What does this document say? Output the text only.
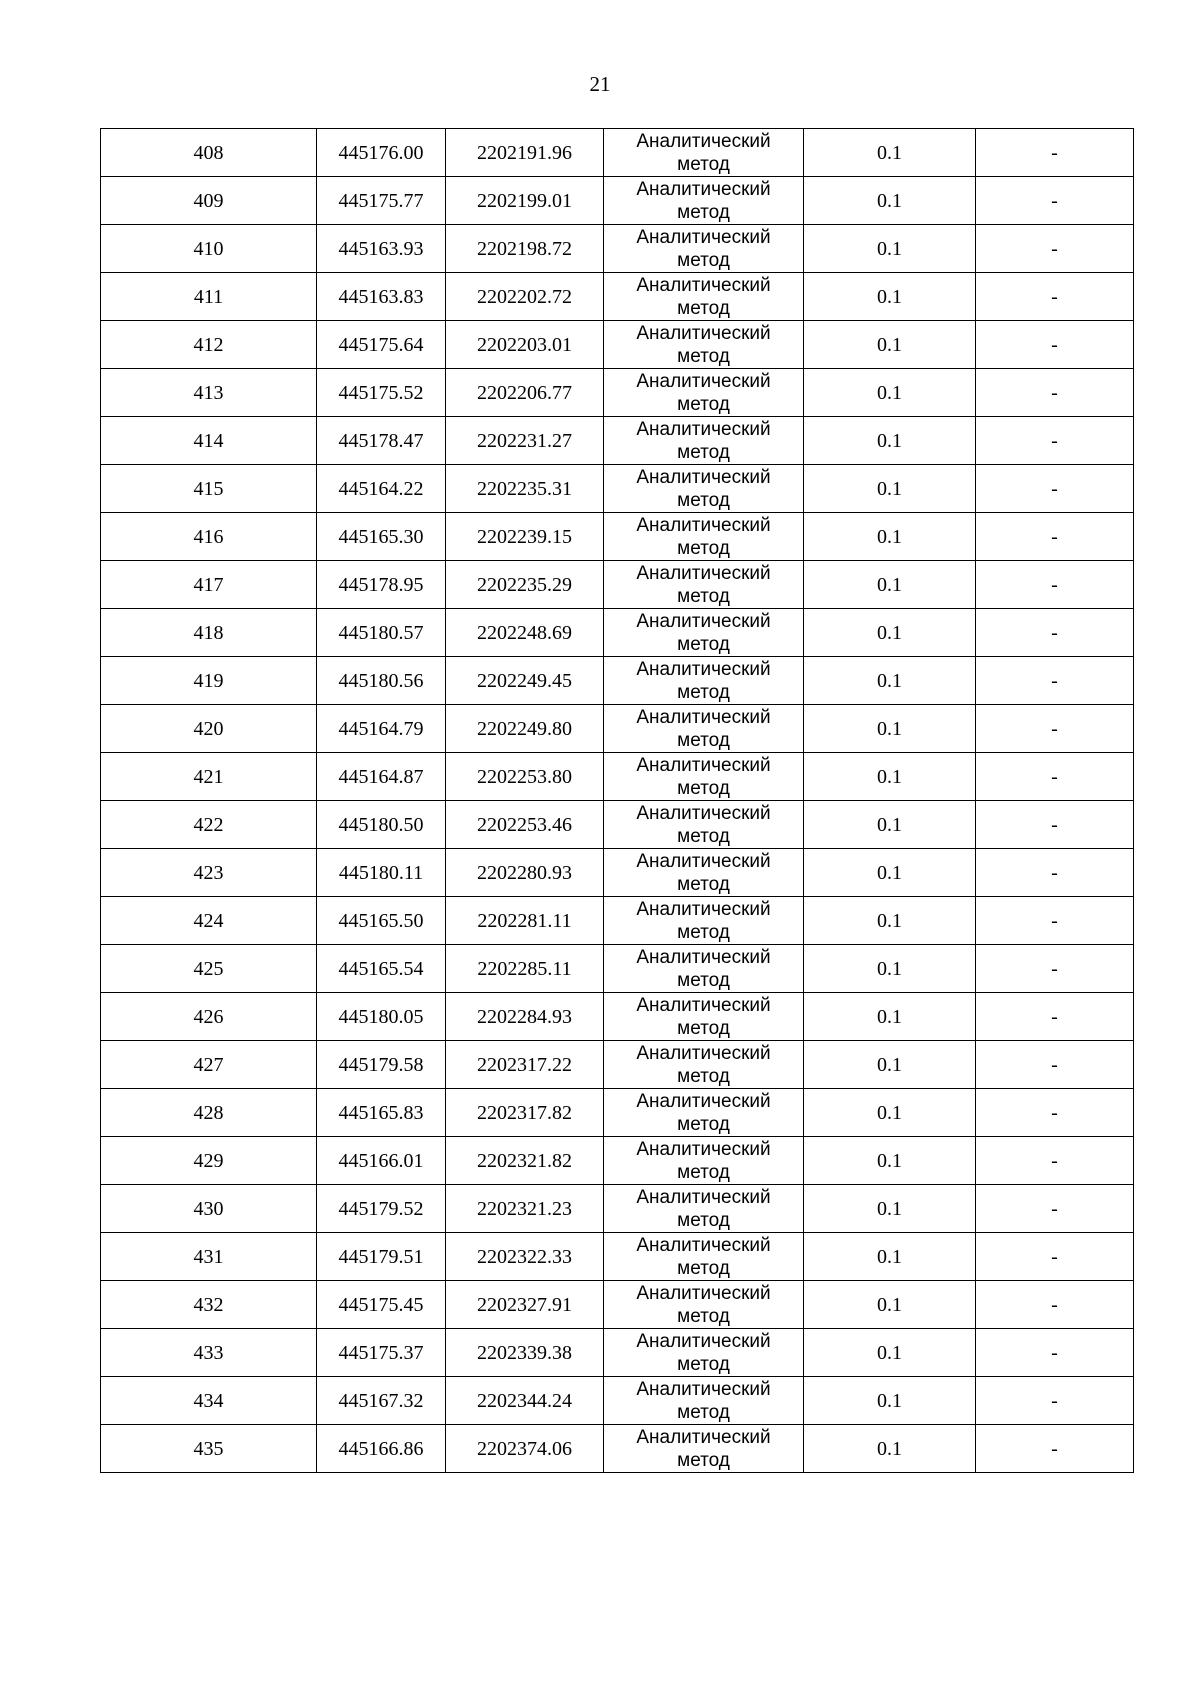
21
408	445176.00	2202191.96	Аналитический
метод	0.1	-
409	445175.77	2202199.01	Аналитический
метод	0.1	-
410	445163.93	2202198.72	Аналитический
метод	0.1	-
411	445163.83	2202202.72	Аналитический
метод	0.1	-
412	445175.64	2202203.01	Аналитический
метод	0.1	-
413	445175.52	2202206.77	Аналитический
метод	0.1	-
414	445178.47	2202231.27	Аналитический
метод	0.1	-
415	445164.22	2202235.31	Аналитический
метод	0.1	-
416	445165.30	2202239.15	Аналитический
метод	0.1	-
417	445178.95	2202235.29	Аналитический
метод	0.1	-
418	445180.57	2202248.69	Аналитический
метод	0.1	-
419	445180.56	2202249.45	Аналитический
метод	0.1	-
420	445164.79	2202249.80	Аналитический
метод	0.1	-
421	445164.87	2202253.80	Аналитический
метод	0.1	-
422	445180.50	2202253.46	Аналитический
метод	0.1	-
423	445180.11	2202280.93	Аналитический
метод	0.1	-
424	445165.50	2202281.11	Аналитический
метод	0.1	-
425	445165.54	2202285.11	Аналитический
метод	0.1	-
426	445180.05	2202284.93	Аналитический
метод	0.1	-
427	445179.58	2202317.22	Аналитический
метод	0.1	-
428	445165.83	2202317.82	Аналитический
метод	0.1	-
429	445166.01	2202321.82	Аналитический
метод	0.1	-
430	445179.52	2202321.23	Аналитический
метод	0.1	-
431	445179.51	2202322.33	Аналитический
метод	0.1	-
432	445175.45	2202327.91	Аналитический
метод	0.1	-
433	445175.37	2202339.38	Аналитический
метод	0.1	-
434	445167.32	2202344.24	Аналитический
метод	0.1	-
435	445166.86	2202374.06	Аналитический
метод	0.1	-
